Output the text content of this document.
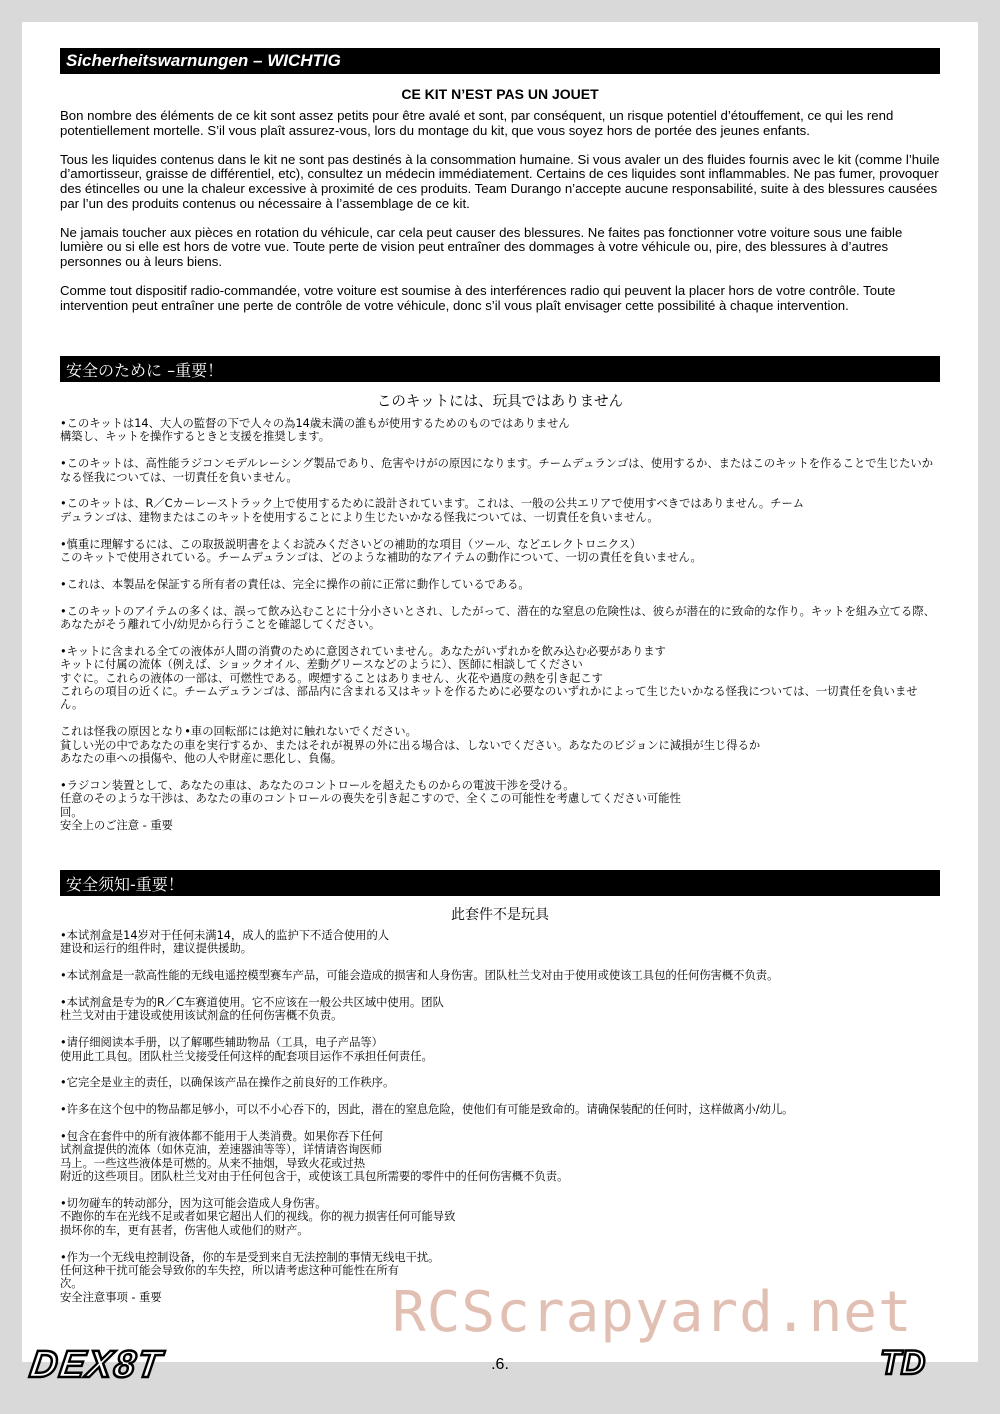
Sicherheitswarnungen – WICHTIG
CE KIT N’EST PAS UN JOUET

Bon nombre des éléments de ce kit sont assez petits pour être avalé et sont, par conséquent, un risque potentiel d’étouffement, ce qui les rend potentiellement mortelle. S’il vous plaît assurez-vous, lors du montage du kit, que vous soyez hors de portée des jeunes enfants.

Tous les liquides contenus dans le kit ne sont pas destinés à la consommation humaine. Si vous avaler un des fluides fournis avec le kit (comme l’huile d’amortisseur, graisse de différentiel, etc), consultez un médecin immédiatement. Certains de ces liquides sont inflammables. Ne pas fumer, provoquer des étincelles ou une la chaleur excessive à proximité de ces produits. Team Durango n’accepte aucune responsabilité, suite à des blessures causées par l’un des produits contenus ou nécessaire à l’assemblage de ce kit.

Ne jamais toucher aux pièces en rotation du véhicule, car cela peut causer des blessures. Ne faites pas fonctionner votre voiture sous une faible lumière ou si elle est hors de votre vue. Toute perte de vision peut entraîner des dommages à votre véhicule ou, pire, des blessures à d’autres personnes ou à leurs biens.

Comme tout dispositif radio-commandée, votre voiture est soumise à des interférences radio qui peuvent la placer hors de votre contrôle. Toute intervention peut entraîner une perte de contrôle de votre véhicule, donc s’il vous plaît envisager cette possibilité à chaque intervention.

安全のために –重要！
このキットには、玩具ではありません

•このキットは14、大人の監督の下で人々の為14歳未満の誰もが使用するためのものではありません
構築し、キットを操作するときと支援を推奨します。

•このキットは、高性能ラジコンモデルレーシング製品であり、危害やけがの原因になります。チームデュランゴは、使用するか、またはこのキットを作ることで生じたいかなる怪我については、一切責任を負いません。

•このキットは、R／Cカーレーストラック上で使用するために設計されています。これは、一般の公共エリアで使用すべきではありません。チーム
デュランゴは、建物またはこのキットを使用することにより生じたいかなる怪我については、一切責任を負いません。

•慎重に理解するには、この取扱説明書をよくお読みくださいどの補助的な項目（ツール、などエレクトロニクス）
このキットで使用されている。チームデュランゴは、どのような補助的なアイテムの動作について、一切の責任を負いません。

•これは、本製品を保証する所有者の責任は、完全に操作の前に正常に動作しているである。

•このキットのアイテムの多くは、誤って飲み込むことに十分小さいとされ、したがって、潜在的な窒息の危険性は、彼らが潜在的に致命的な作り。キットを組み立てる際、あなたがそう離れて小/幼児から行うことを確認してください。

•キットに含まれる全ての液体が人間の消費のために意図されていません。あなたがいずれかを飲み込む必要があります
キットに付属の流体（例えば、ショックオイル、差動グリースなどのように）、医師に相談してください
すぐに。これらの液体の一部は、可燃性である。喫煙することはありません、火花や過度の熱を引き起こす
これらの項目の近くに。チームデュランゴは、部品内に含まれる又はキットを作るために必要なのいずれかによって生じたいかなる怪我については、一切責任を負いません。

これは怪我の原因となり•車の回転部には絶対に触れないでください。
貧しい光の中であなたの車を実行するか、またはそれが視界の外に出る場合は、しないでください。あなたのビジョンに減損が生じ得るか
あなたの車への損傷や、他の人や財産に悪化し、負傷。

•ラジコン装置として、あなたの車は、あなたのコントロールを超えたものからの電波干渉を受ける。
任意のそのような干渉は、あなたの車のコントロールの喪失を引き起こすので、全くこの可能性を考慮してください可能性
回。
安全上のご注意 - 重要

安全须知-重要！
此套件不是玩具

•本试剂盒是14岁对于任何未满14，成人的监护下不适合使用的人
建设和运行的组件时，建议提供援助。

•本试剂盒是一款高性能的无线电遥控模型赛车产品，可能会造成的损害和人身伤害。团队杜兰戈对由于使用或使该工具包的任何伤害概不负责。

•本试剂盒是专为的R／C车赛道使用。它不应该在一般公共区域中使用。团队
杜兰戈对由于建设或使用该试剂盒的任何伤害概不负责。

•请仔细阅读本手册，以了解哪些辅助物品（工具，电子产品等）
使用此工具包。团队杜兰戈接受任何这样的配套项目运作不承担任何责任。

•它完全是业主的责任，以确保该产品在操作之前良好的工作秩序。

•许多在这个包中的物品都足够小，可以不小心吞下的，因此，潜在的窒息危险，使他们有可能是致命的。请确保装配的任何时，这样做离小/幼儿。

•包含在套件中的所有液体都不能用于人类消费。如果你吞下任何
试剂盒提供的流体（如休克油，差速器油等等），详情请咨询医师
马上。一些这些液体是可燃的。从来不抽烟，导致火花或过热
附近的这些项目。团队杜兰戈对由于任何包含于，或使该工具包所需要的零件中的任何伤害概不负责。

•切勿碰车的转动部分，因为这可能会造成人身伤害。
不跑你的车在光线不足或者如果它超出人们的视线。你的视力损害任何可能导致
损坏你的车，更有甚者，伤害他人或他们的财产。

•作为一个无线电控制设备，你的车是受到来自无法控制的事情无线电干扰。
任何这种干扰可能会导致你的车失控，所以请考虑这种可能性在所有
次。
安全注意事项 - 重要	RCScrapyard.net
DEX8T	.6.	TD
